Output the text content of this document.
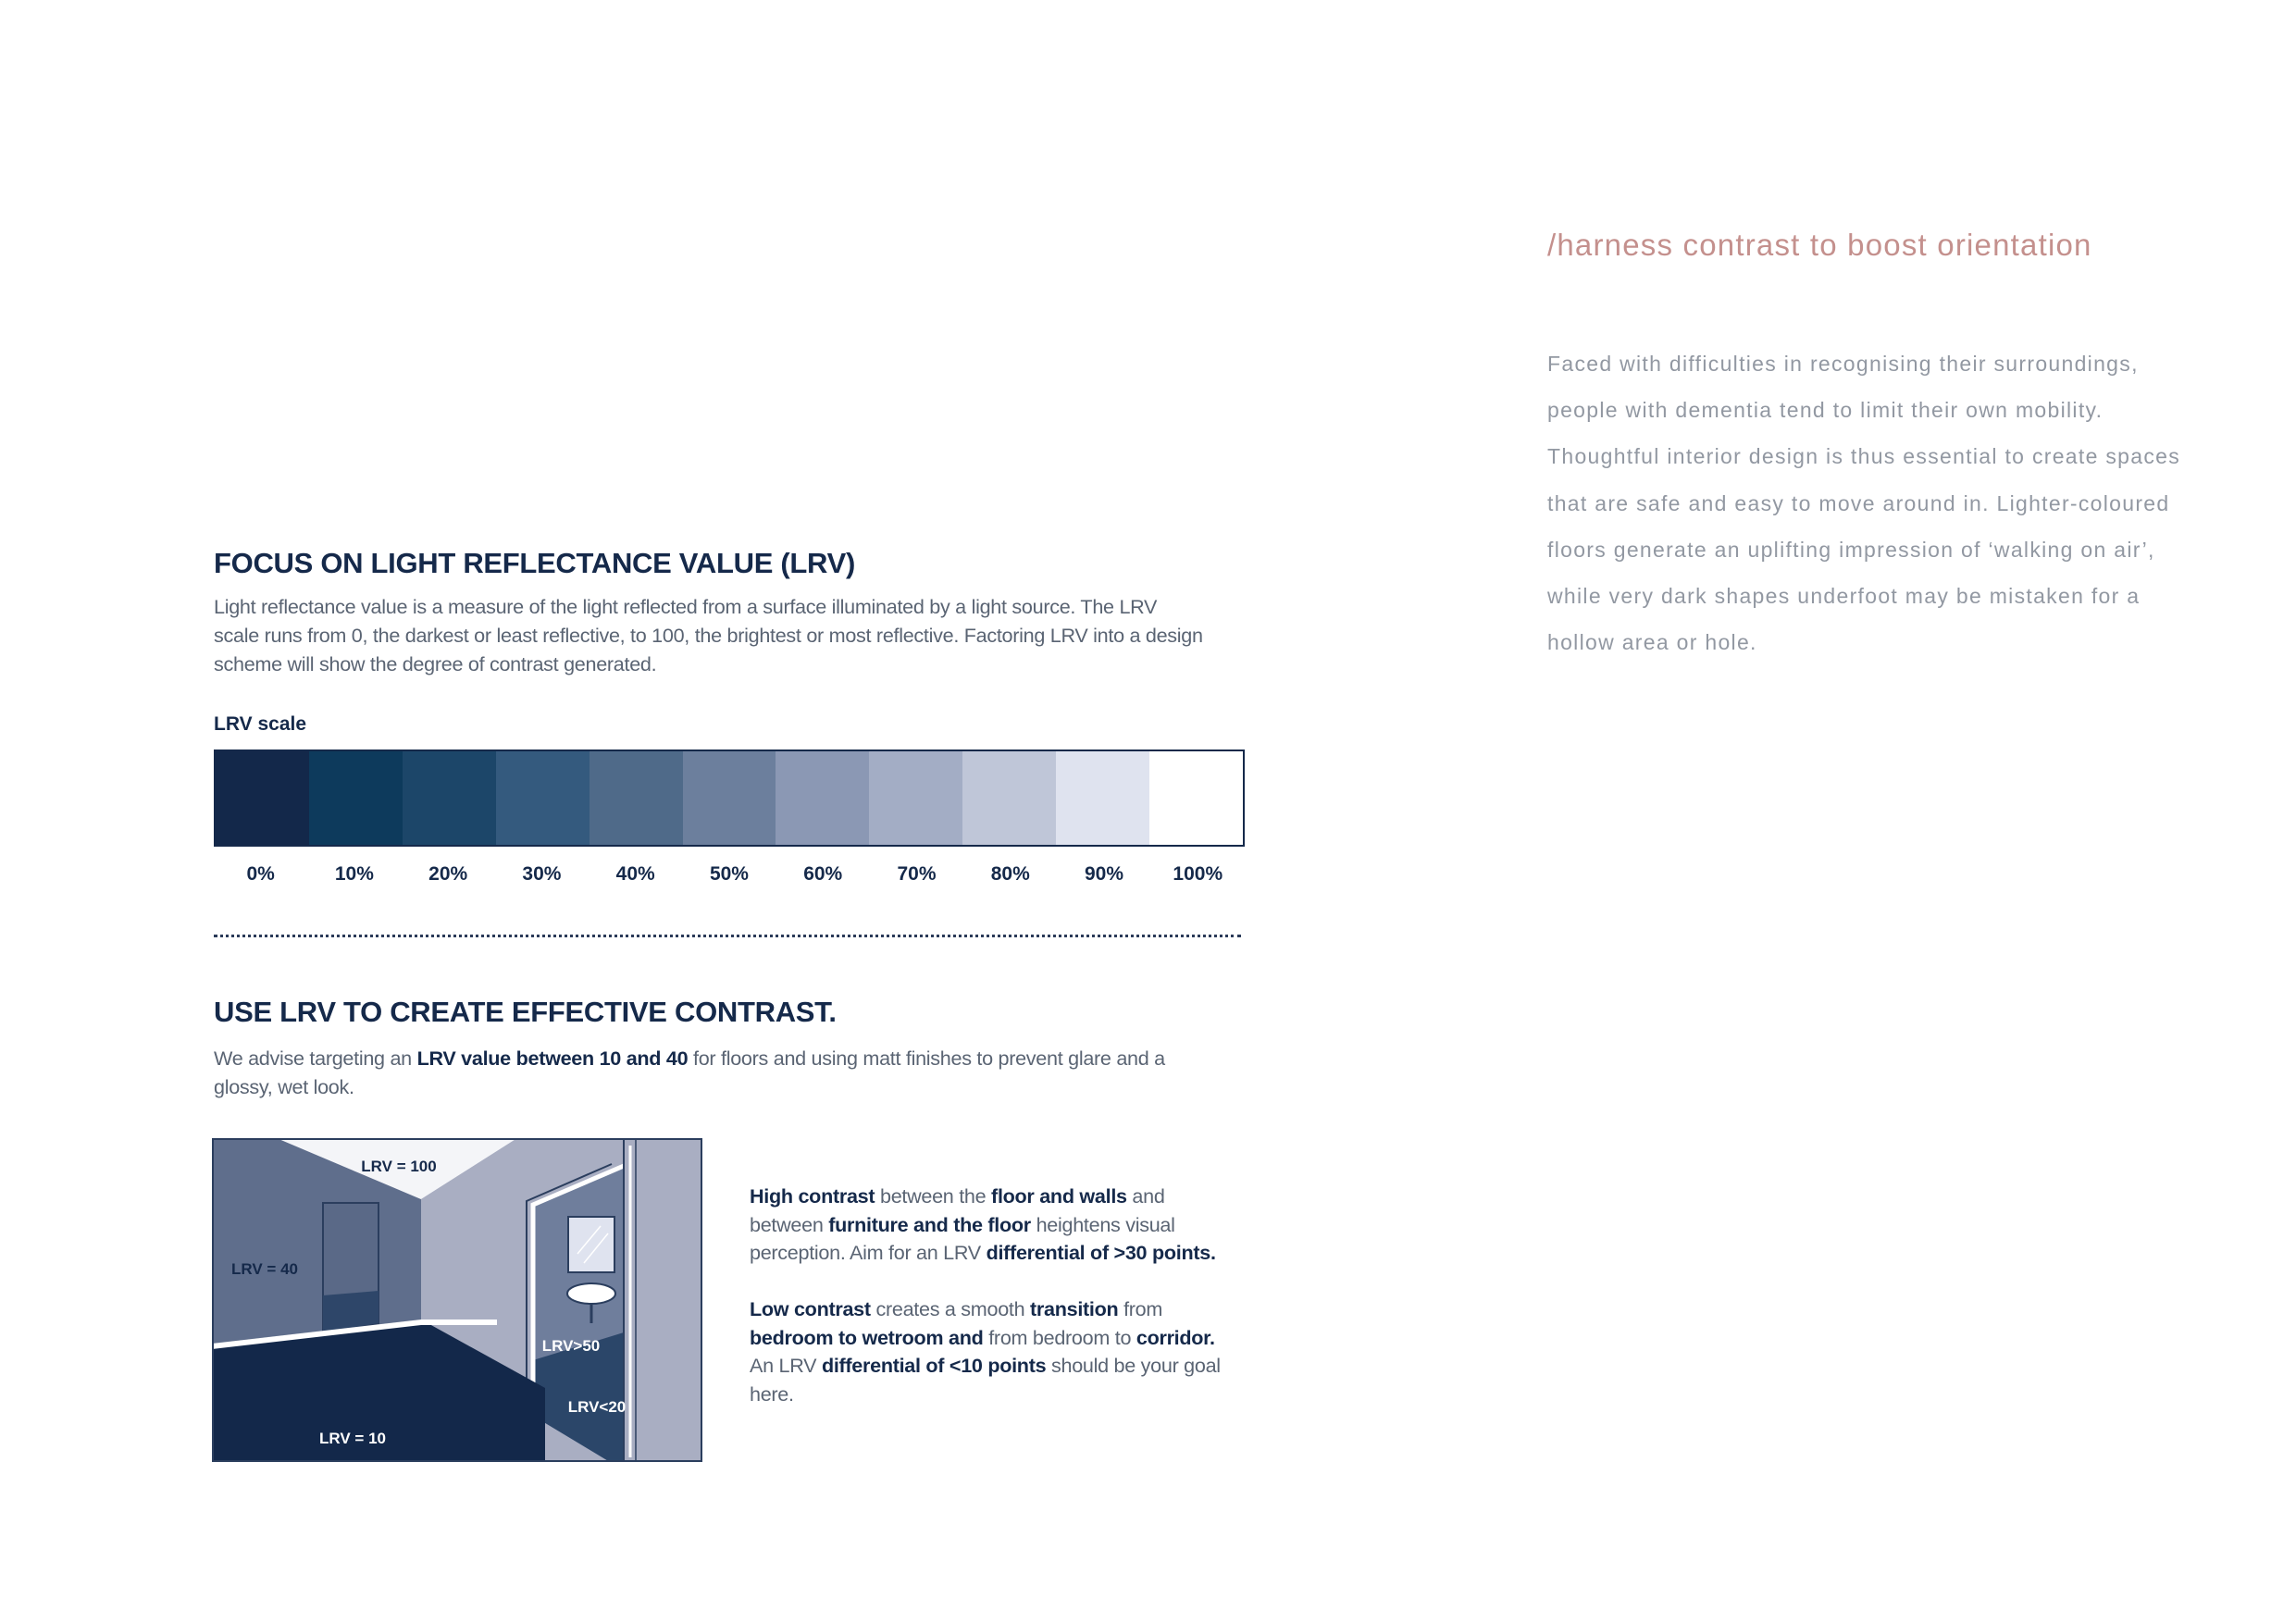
/harness contrast to boost orientation

Faced with difficulties in recognising their surroundings,

people with dementia tend to limit their own mobility.

Thoughtful interior design is thus essential to create spaces

that are safe and easy to move around in. Lighter-coloured

floors generate an uplifting impression of ‘walking on air’,

while very dark shapes underfoot may be mistaken for a

hollow area or hole.

FOCUS ON LIGHT REFLECTANCE VALUE (LRV)

Light reflectance value is a measure of the light reflected from a surface illuminated by a light source. The LRV

scale runs from 0, the darkest or least reflective, to 100, the brightest or most reflective. Factoring LRV into a design

scheme will show the degree of contrast generated.

LRV scale
0%	10%	20%	30%	40%	50%	60%	70%	80%	90%	100%
USE LRV TO CREATE EFFECTIVE CONTRAST.

We advise targeting an LRV value between 10 and 40 for floors and using matt finishes to prevent glare and a

glossy, wet look.

LRV = 100
LRV = 40
LRV>50
LRV<20
LRV = 10

High contrast between the floor and walls and
between furniture and the floor heightens visual
perception. Aim for an LRV differential of >30 points.

Low contrast creates a smooth transition from
bedroom to wetroom and from bedroom to corridor.
An LRV differential of <10 points should be your goal
here.
